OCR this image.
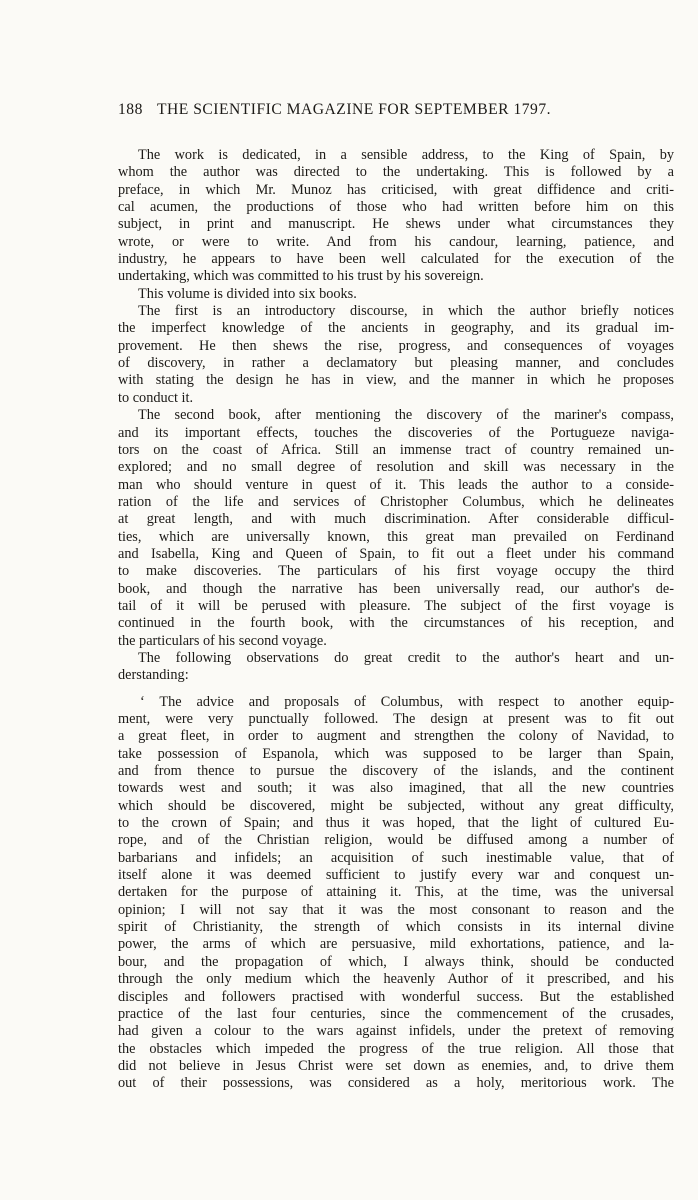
188 THE SCIENTIFIC MAGAZINE FOR SEPTEMBER 1797.
The work is dedicated, in a sensible address, to the King of Spain, by
whom the author was directed to the undertaking. This is followed by a
preface, in which Mr. Munoz has criticised, with great diffidence and criti-
cal acumen, the productions of those who had written before him on this
subject, in print and manuscript. He shews under what circumstances they
wrote, or were to write. And from his candour, learning, patience, and
industry, he appears to have been well calculated for the execution of the
undertaking, which was committed to his trust by his sovereign.
This volume is divided into six books.
The first is an introductory discourse, in which the author briefly notices
the imperfect knowledge of the ancients in geography, and its gradual im-
provement. He then shews the rise, progress, and consequences of voyages
of discovery, in rather a declamatory but pleasing manner, and concludes
with stating the design he has in view, and the manner in which he proposes
to conduct it.
The second book, after mentioning the discovery of the mariner's compass,
and its important effects, touches the discoveries of the Portugueze naviga-
tors on the coast of Africa. Still an immense tract of country remained un-
explored; and no small degree of resolution and skill was necessary in the
man who should venture in quest of it. This leads the author to a conside-
ration of the life and services of Christopher Columbus, which he delineates
at great length, and with much discrimination. After considerable difficul-
ties, which are universally known, this great man prevailed on Ferdinand
and Isabella, King and Queen of Spain, to fit out a fleet under his command
to make discoveries. The particulars of his first voyage occupy the third
book, and though the narrative has been universally read, our author's de-
tail of it will be perused with pleasure. The subject of the first voyage is
continued in the fourth book, with the circumstances of his reception, and
the particulars of his second voyage.
The following observations do great credit to the author's heart and un-
derstanding:
‘ The advice and proposals of Columbus, with respect to another equip-
ment, were very punctually followed. The design at present was to fit out
a great fleet, in order to augment and strengthen the colony of Navidad, to
take possession of Espanola, which was supposed to be larger than Spain,
and from thence to pursue the discovery of the islands, and the continent
towards west and south; it was also imagined, that all the new countries
which should be discovered, might be subjected, without any great difficulty,
to the crown of Spain; and thus it was hoped, that the light of cultured Eu-
rope, and of the Christian religion, would be diffused among a number of
barbarians and infidels; an acquisition of such inestimable value, that of
itself alone it was deemed sufficient to justify every war and conquest un-
dertaken for the purpose of attaining it. This, at the time, was the universal
opinion; I will not say that it was the most consonant to reason and the
spirit of Christianity, the strength of which consists in its internal divine
power, the arms of which are persuasive, mild exhortations, patience, and la-
bour, and the propagation of which, I always think, should be conducted
through the only medium which the heavenly Author of it prescribed, and his
disciples and followers practised with wonderful success. But the established
practice of the last four centuries, since the commencement of the crusades,
had given a colour to the wars against infidels, under the pretext of removing
the obstacles which impeded the progress of the true religion. All those that
did not believe in Jesus Christ were set down as enemies, and, to drive them
out of their possessions, was considered as a holy, meritorious work. The
